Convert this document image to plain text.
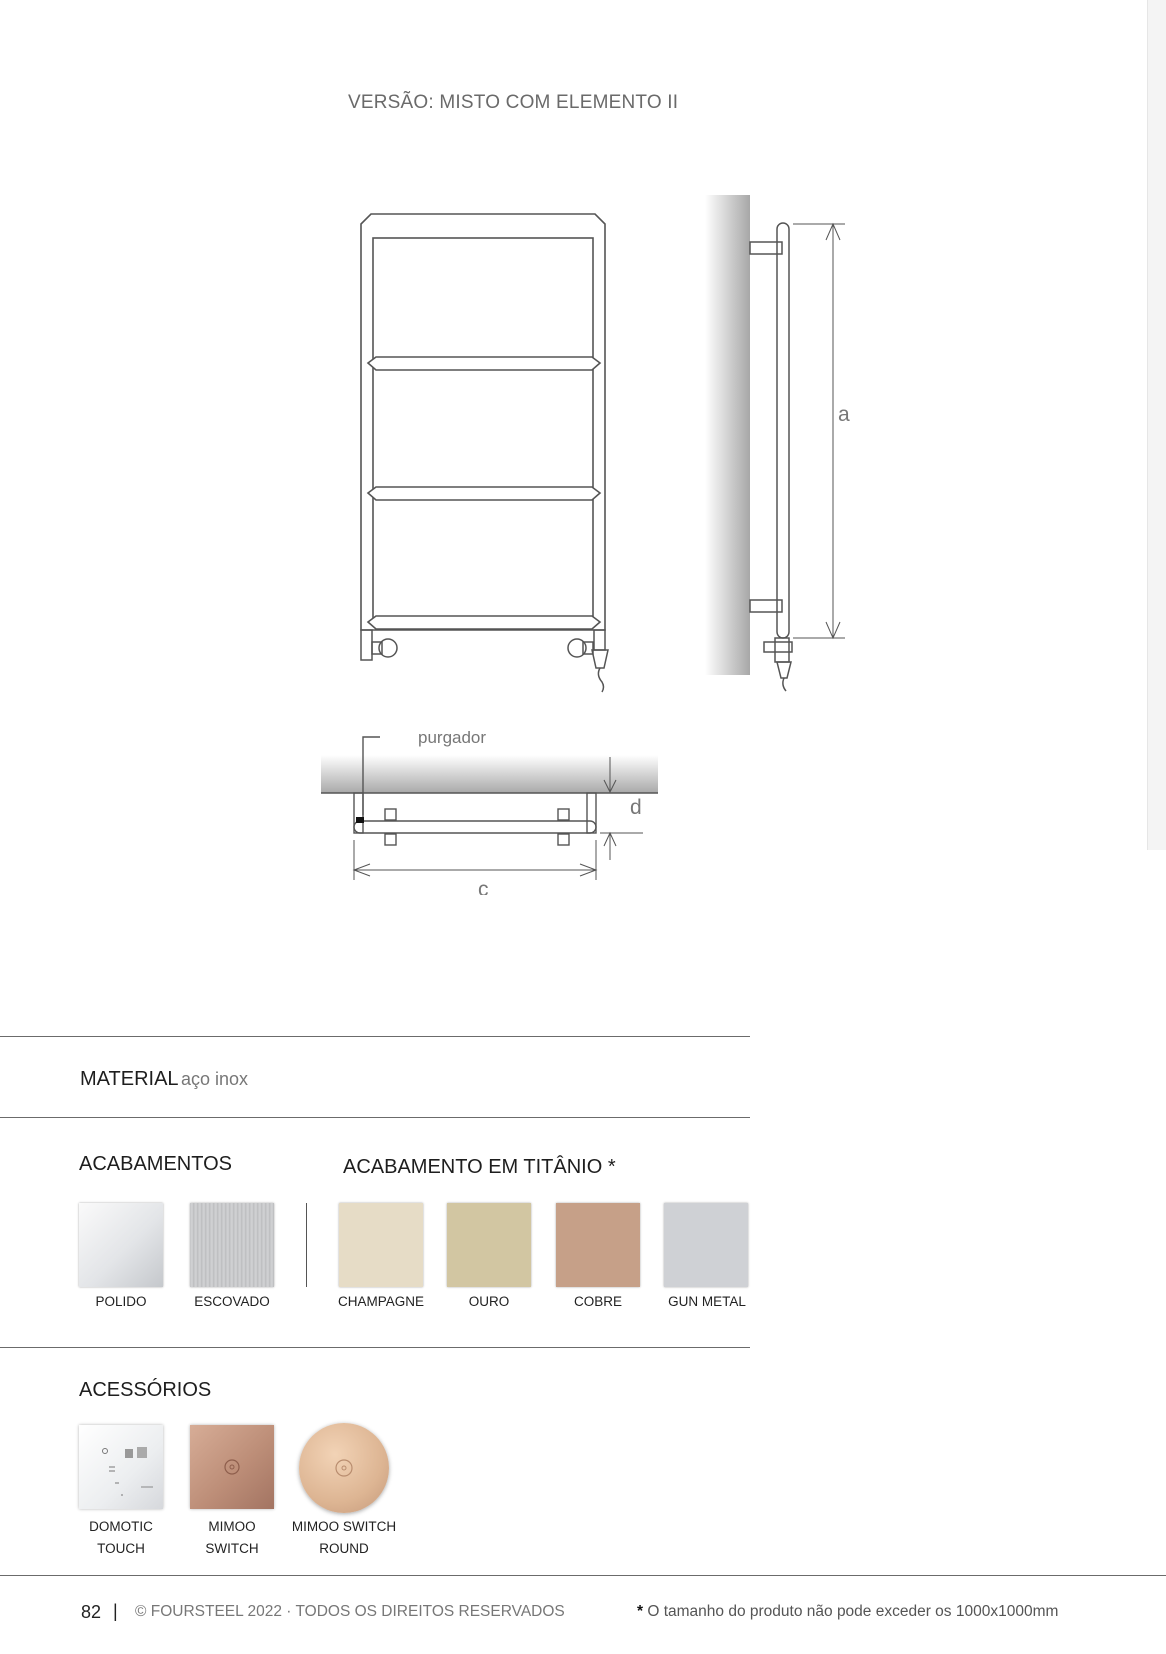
VERSÃO: MISTO COM ELEMENTO II
a
purgador
d
c
MATERIAL aço inox
ACABAMENTOS	ACABAMENTO EM TITÂNIO *
POLIDO	ESCOVADO	CHAMPAGNE	OURO	COBRE	GUN METAL
ACESSÓRIOS
DOMOTIC
TOUCH
MIMOO
SWITCH
MIMOO SWITCH
ROUND
82 | © FOURSTEEL 2022 · TODOS OS DIREITOS RESERVADOS	* O tamanho do produto não pode exceder os 1000x1000mm
